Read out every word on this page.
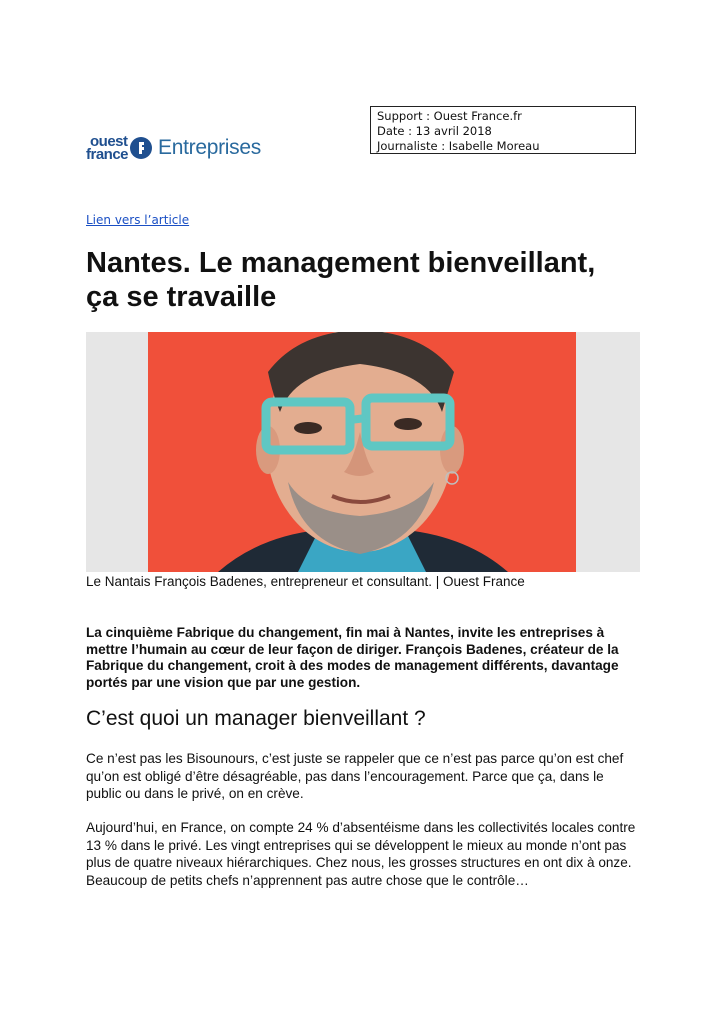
ouest
france Entreprises
Support : Ouest France.fr
Date : 13 avril 2018
Journaliste : Isabelle Moreau
Lien vers l’article
Nantes. Le management bienveillant,
ça se travaille
Le Nantais François Badenes, entrepreneur et consultant. | Ouest France

La cinquième Fabrique du changement, fin mai à Nantes, invite les entreprises à mettre l’humain au cœur de leur façon de diriger. François Badenes, créateur de la Fabrique du changement, croit à des modes de management différents, davantage portés par une vision que par une gestion.

C’est quoi un manager bienveillant ?

Ce n’est pas les Bisounours, c’est juste se rappeler que ce n’est pas parce qu’on est chef qu’on est obligé d’être désagréable, pas dans l’encouragement. Parce que ça, dans le public ou dans le privé, on en crève.

Aujourd’hui, en France, on compte 24 % d’absentéisme dans les collectivités locales contre 13 % dans le privé. Les vingt entreprises qui se développent le mieux au monde n’ont pas plus de quatre niveaux hiérarchiques. Chez nous, les grosses structures en ont dix à onze. Beaucoup de petits chefs n’apprennent pas autre chose que le contrôle…
